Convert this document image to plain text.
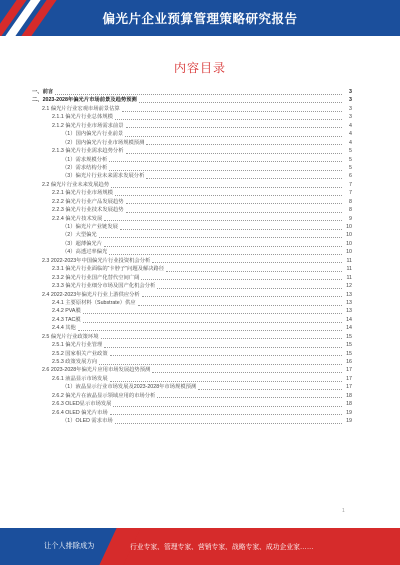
偏光片企业预算管理策略研究报告
内容目录
一、前言	3
二、2023-2028年偏光片市场前景及趋势预测	3
2.1 偏光片行业宏观市场前景估算	3
2.1.1 偏光片行业总体规模	3
2.1.2 偏光片行业市场需求前景	4
（1）国内偏光片行业前景	4
（2）国内偏光片行业市场规模预测	4
2.1.3 偏光片行业需求趋势分析	5
（1）需求规模分析	5
（2）需求结构分析	5
（3）偏光片行业未来需求发展分析	6
2.2 偏光片行业未来发展趋势	7
2.2.1 偏光片行业市场规模	7
2.2.2 偏光片行业产品发展趋势	8
2.2.3 偏光片行业技术发展趋势	8
2.2.4 偏光片技术发展	9
（1）偏光片产业链发展	10
（2）大型偏光	10
（3）超薄偏光片	10
（4）高透过率偏光	10
2.3 2022-2023年中国偏光片行业投资机会分析	11
2.3.1 偏光片行业面临的“卡脖子”问题及解决路径	11
2.3.2 偏光片行业国产化替代空间广阔	11
2.3.3 偏光片行业细分市场及国产化机会分析	12
2.4 2022-2023年偏光片行业上游供应分析	13
2.4.1 主要原材料（Substrate）供应	13
2.4.2 PVA膜	13
2.4.3 TAC膜	14
2.4.4 其他	14
2.5 偏光片行业政策环境	15
2.5.1 偏光片行业管理	15
2.5.2 国家相关产业政策	15
2.5.3 政策发展方向	16
2.6 2023-2028年偏光片应用市场发展趋势预测	17
2.6.1 液晶显示市场发展	17
（1）液晶显示行业市场发展及2023-2028年市场规模预测	17
2.6.2 偏光片在液晶显示领域应用的市场分析	18
2.6.3 OLED显示市场发展	18
2.6.4 OLED 偏光片市场	19
（1）OLED 需求市场	19
1
让个人排除成为	行业专家、管理专家、营销专家、战略专家、成功企业家……
